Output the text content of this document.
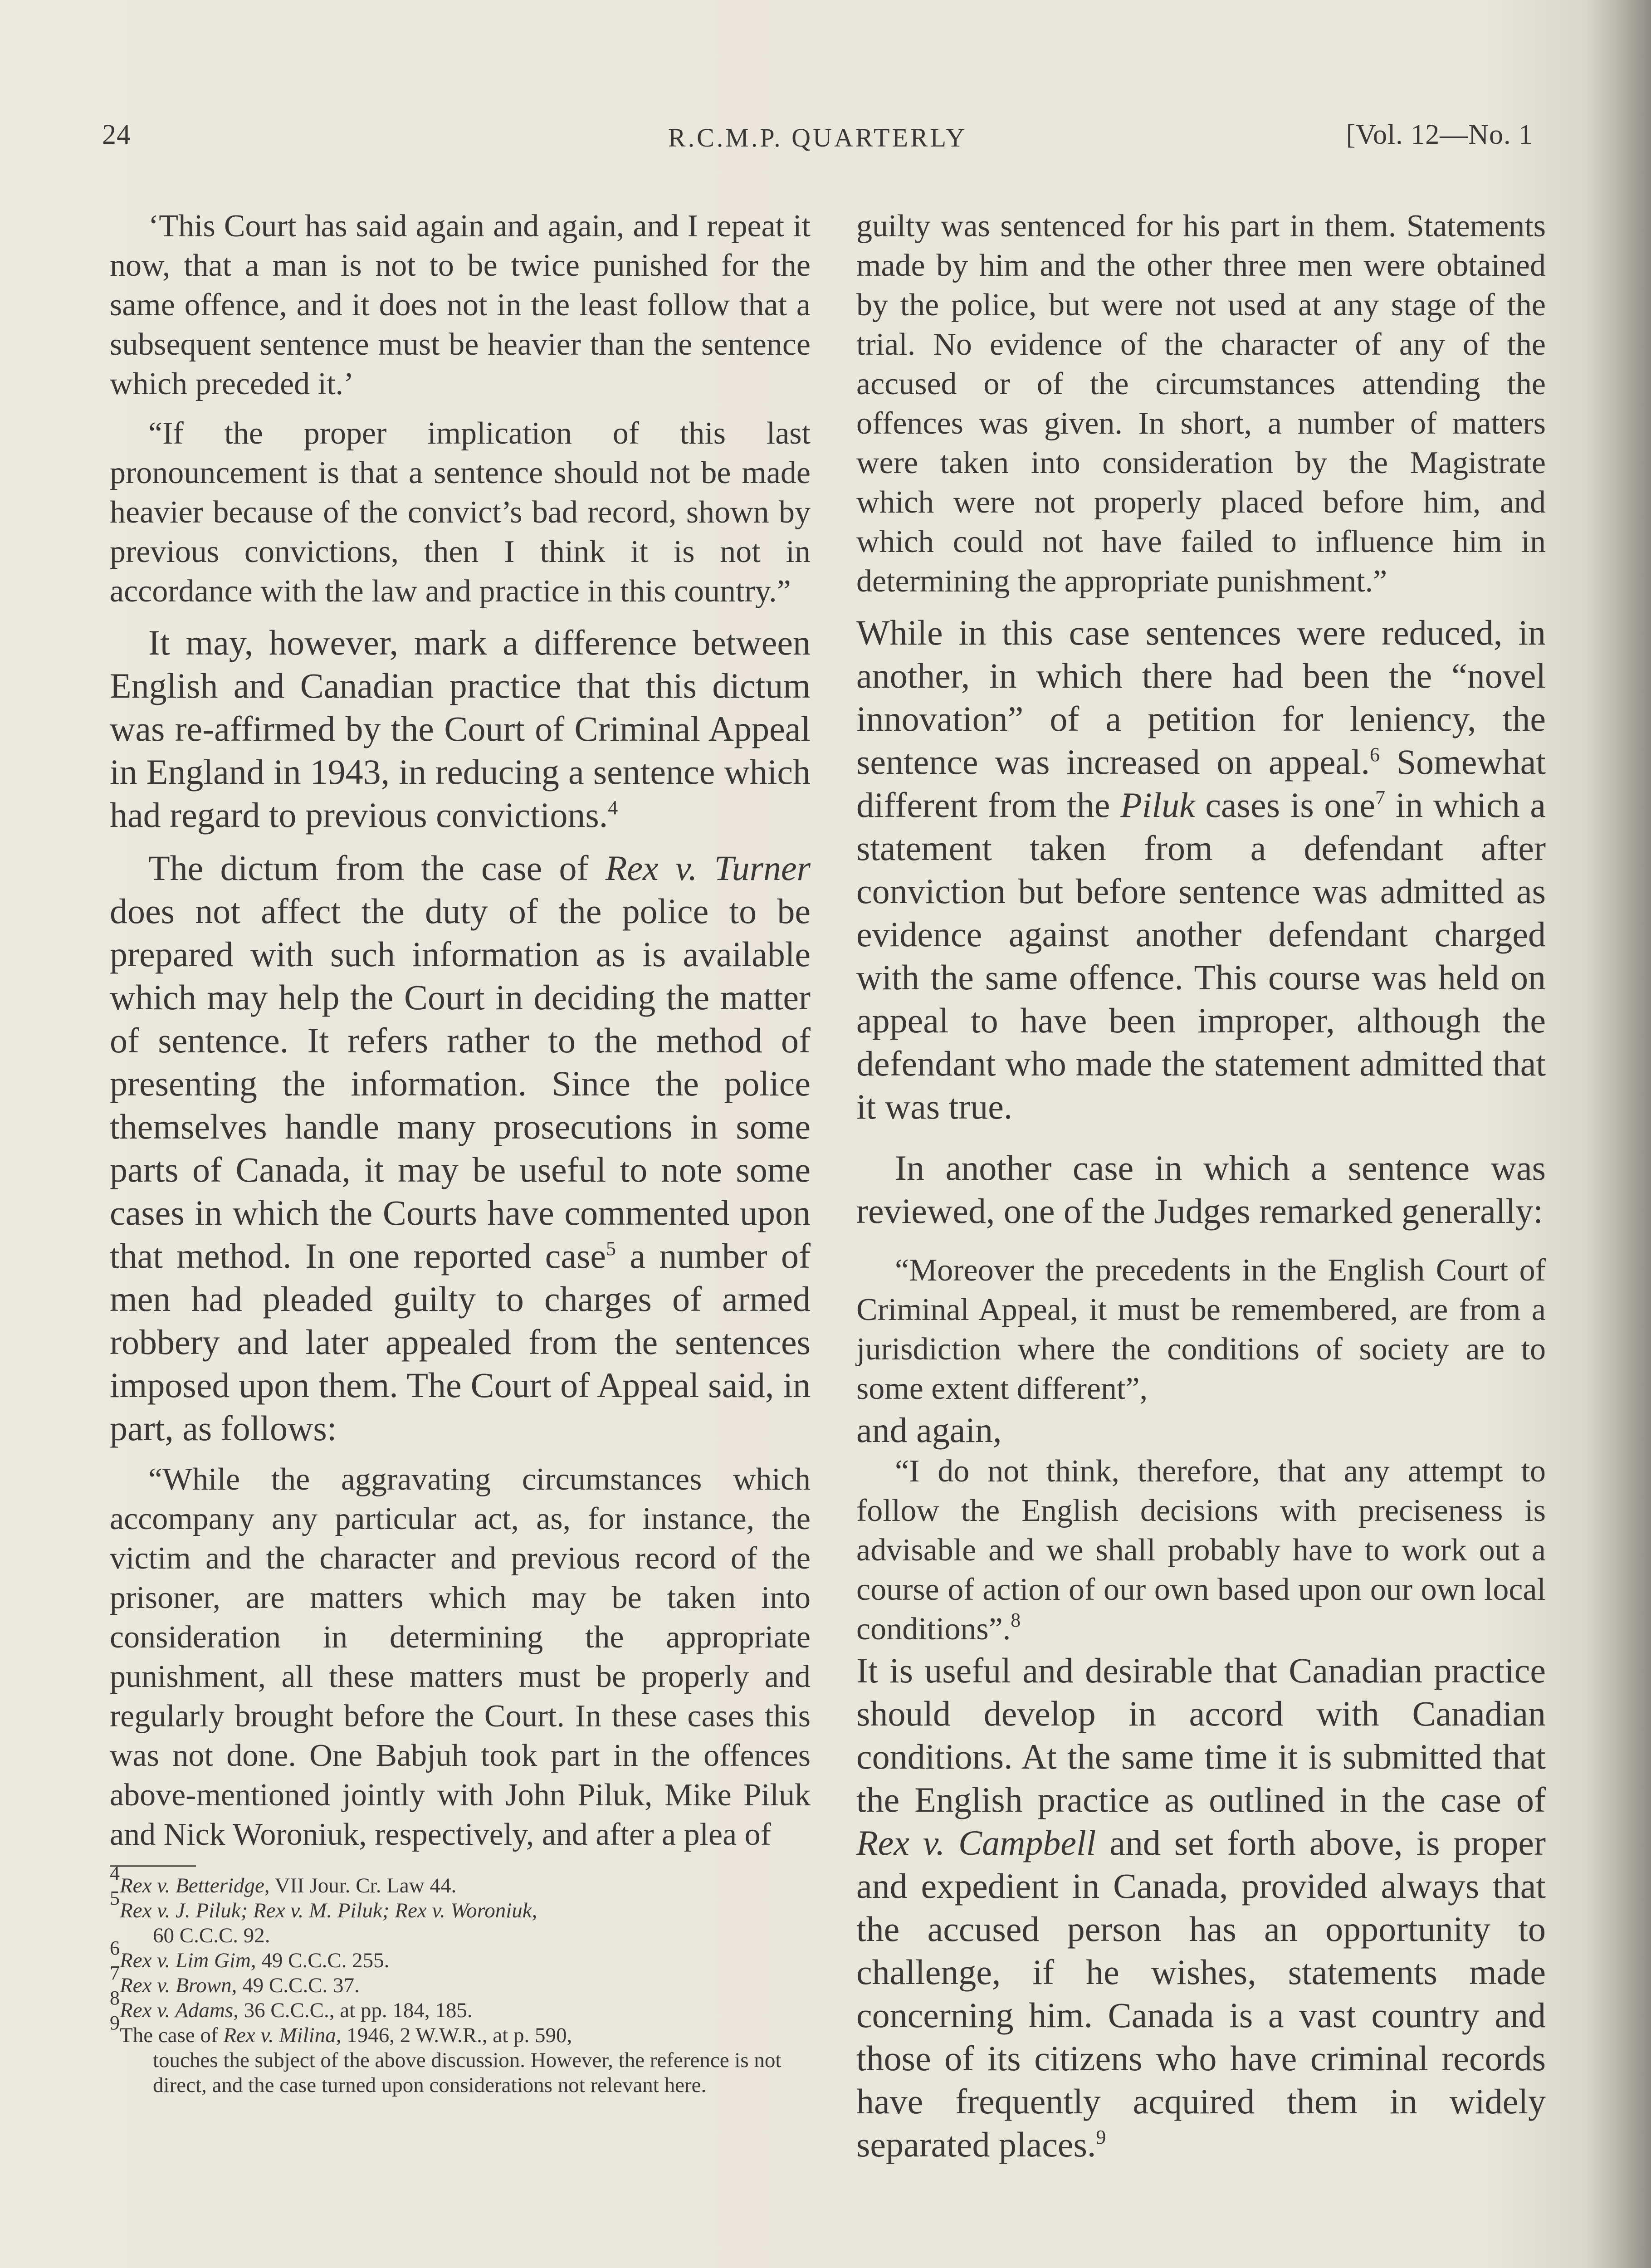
24	R.C.M.P. QUARTERLY	[Vol. 12—No. 1

‘This Court has said again and again, and I repeat it now, that a man is not to be twice punished for the same offence, and it does not in the least follow that a subsequent sentence must be heavier than the sentence which preceded it.’

“If the proper implication of this last pronouncement is that a sentence should not be made heavier because of the convict’s bad record, shown by previous convictions, then I think it is not in accordance with the law and practice in this country.”

It may, however, mark a difference between English and Canadian practice that this dictum was re-affirmed by the Court of Criminal Appeal in England in 1943, in reducing a sentence which had regard to previous convictions.$^4$

The dictum from the case of Rex v. Turner does not affect the duty of the police to be prepared with such information as is available which may help the Court in deciding the matter of sentence. It refers rather to the method of presenting the information. Since the police themselves handle many prosecutions in some parts of Canada, it may be useful to note some cases in which the Courts have commented upon that method. In one reported case$^5$ a number of men had pleaded guilty to charges of armed robbery and later appealed from the sentences imposed upon them. The Court of Appeal said, in part, as follows:

“While the aggravating circumstances which accompany any particular act, as, for instance, the victim and the character and previous record of the prisoner, are matters which may be taken into consideration in determining the appropriate punishment, all these matters must be properly and regularly brought before the Court. In these cases this was not done. One Babjuh took part in the offences above-mentioned jointly with John Piluk, Mike Piluk and Nick Woroniuk, respectively, and after a plea of

$^4$Rex v. Betteridge, VII Jour. Cr. Law 44.
$^5$Rex v. J. Piluk; Rex v. M. Piluk; Rex v. Woroniuk,
60 C.C.C. 92.
$^6$Rex v. Lim Gim, 49 C.C.C. 255.
$^7$Rex v. Brown, 49 C.C.C. 37.
$^8$Rex v. Adams, 36 C.C.C., at pp. 184, 185.
$^9$The case of Rex v. Milina, 1946, 2 W.W.R., at p. 590,
touches the subject of the above discussion. However, the reference is not direct, and the case turned upon considerations not relevant here.

guilty was sentenced for his part in them. Statements made by him and the other three men were obtained by the police, but were not used at any stage of the trial. No evidence of the character of any of the accused or of the circumstances attending the offences was given. In short, a number of matters were taken into consideration by the Magistrate which were not properly placed before him, and which could not have failed to influence him in determining the appropriate punishment.”

While in this case sentences were reduced, in another, in which there had been the “novel innovation” of a petition for leniency, the sentence was increased on appeal.$^6$ Somewhat different from the Piluk cases is one$^7$ in which a statement taken from a defendant after conviction but before sentence was admitted as evidence against another defendant charged with the same offence. This course was held on appeal to have been improper, although the defendant who made the statement admitted that it was true.

In another case in which a sentence was reviewed, one of the Judges remarked generally:

“Moreover the precedents in the English Court of Criminal Appeal, it must be remembered, are from a jurisdiction where the conditions of society are to some extent different”,

and again,

“I do not think, therefore, that any attempt to follow the English decisions with preciseness is advisable and we shall probably have to work out a course of action of our own based upon our own local conditions”.$^8$

It is useful and desirable that Canadian practice should develop in accord with Canadian conditions. At the same time it is submitted that the English practice as outlined in the case of Rex v. Campbell and set forth above, is proper and expedient in Canada, provided always that the accused person has an opportunity to challenge, if he wishes, statements made concerning him. Canada is a vast country and those of its citizens who have criminal records have frequently acquired them in widely separated places.$^9$
